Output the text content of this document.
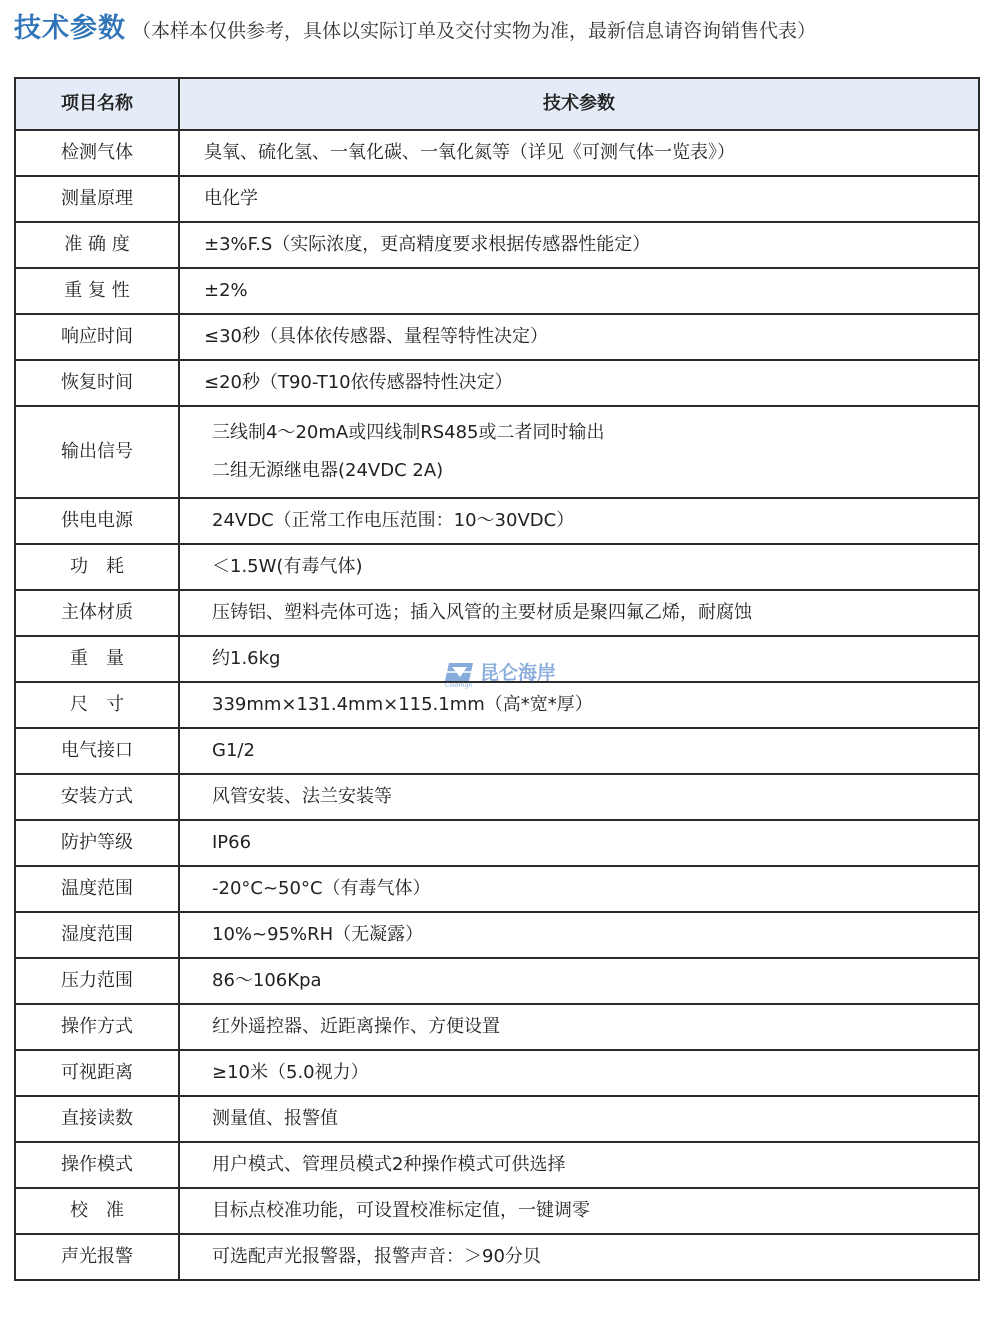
技术参数 （本样本仅供参考，具体以实际订单及交付实物为准，最新信息请咨询销售代表）
项目名称	技术参数
检测气体	臭氧、硫化氢、一氧化碳、一氧化氮等（详见《可测气体一览表》）

测量原理	电化学

准 确 度	±3%F.S（实际浓度，更高精度要求根据传感器性能定）

重 复 性	±2%

响应时间	≤30秒（具体依传感器、量程等特性决定）

恢复时间	≤20秒（T90-T10依传感器特性决定）

输出信号	三线制4～20mA或四线制RS485或二者同时输出
二组无源继电器(24VDC 2A)

供电电源	24VDC（正常工作电压范围：10～30VDC）

功　耗	＜1.5W(有毒气体)

主体材质	压铸铝、塑料壳体可选；插入风管的主要材质是聚四氟乙烯，耐腐蚀

重　量	约1.6kg

尺　寸	339mm×131.4mm×115.1mm（高*宽*厚）

电气接口	G1/2

安装方式	风管安装、法兰安装等

防护等级	IP66

温度范围	-20°C~50°C（有毒气体）

湿度范围	10%~95%RH（无凝露）

压力范围	86～106Kpa

操作方式	红外遥控器、近距离操作、方便设置

可视距离	≥10米（5.0视力）

直接读数	测量值、报警值

操作模式	用户模式、管理员模式2种操作模式可供选择

校　准	目标点校准功能，可设置校准标定值，一键调零

声光报警	可选配声光报警器，报警声音：＞90分贝
昆仑海岸
ColdHigh
